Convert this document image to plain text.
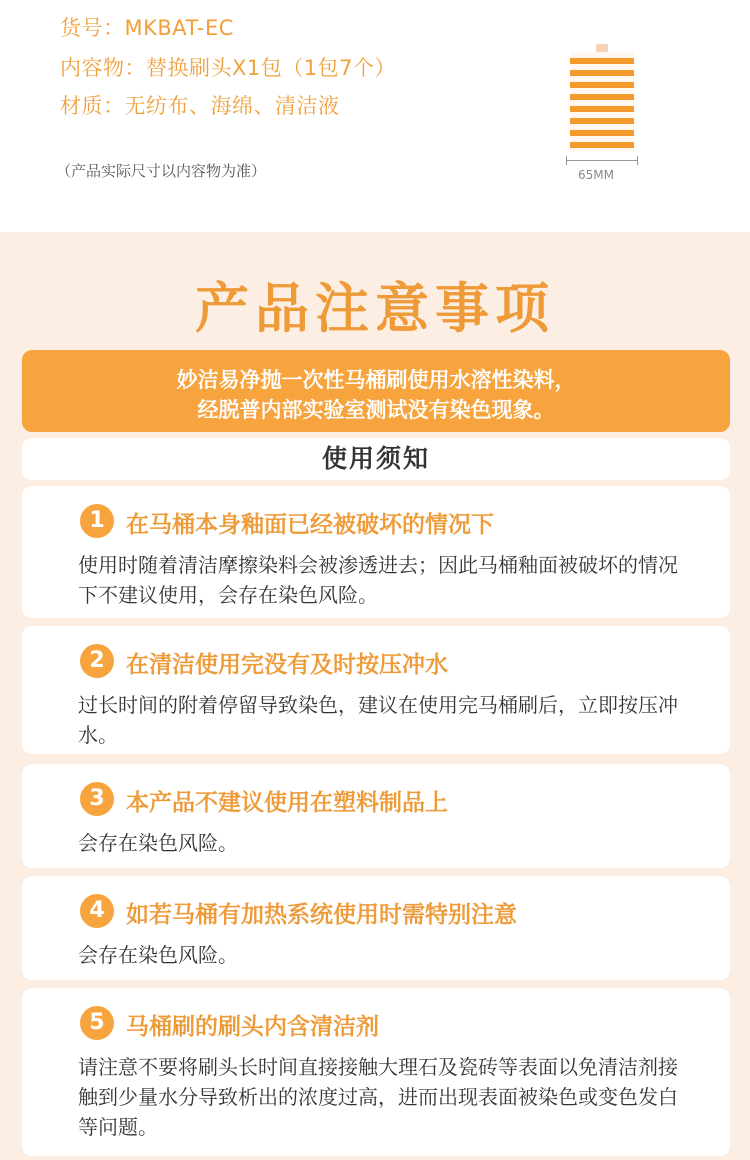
货号：MKBAT-EC
内容物：替换刷头X1包（1包7个）
材质：无纺布、海绵、清洁液
（产品实际尺寸以内容物为准）	65MM
产品注意事项
妙洁易净抛一次性马桶刷使用水溶性染料，
经脱普内部实验室测试没有染色现象。
使用须知
1 在马桶本身釉面已经被破坏的情况下
使用时随着清洁摩擦染料会被渗透进去；因此马桶釉面被破坏的情况下不建议使用，会存在染色风险。
2 在清洁使用完没有及时按压冲水
过长时间的附着停留导致染色，建议在使用完马桶刷后，立即按压冲水。
3 本产品不建议使用在塑料制品上
会存在染色风险。
4 如若马桶有加热系统使用时需特别注意
会存在染色风险。
5 马桶刷的刷头内含清洁剂
请注意不要将刷头长时间直接接触大理石及瓷砖等表面以免清洁剂接触到少量水分导致析出的浓度过高，进而出现表面被染色或变色发白等问题。
